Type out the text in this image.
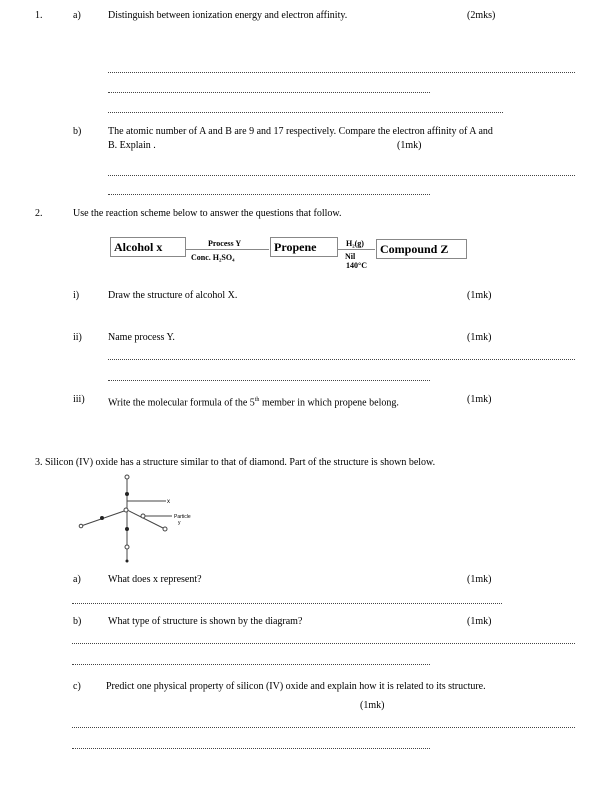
1.	a)	Distinguish between ionization energy and electron affinity.	(2mks)
b)	The atomic number of A and B are 9 and 17 respectively. Compare the electron affinity of A and
B. Explain .	(1mk)
2.	Use the reaction scheme below to answer the questions that follow.
Alcohol x	Process Y
Conc. H₂SO₄
Propene	H₂(g)
Nil
140°C
Compound Z
i)	Draw the structure of alcohol X.	(1mk)
ii)	Name process Y.	(1mk)
iii) Write the molecular formula of the 5th member in which propene belong.	(1mk)
3. Silicon (IV) oxide has a structure similar to that of diamond. Part of the structure is shown below.
x
Particle
y
a)	What does x represent?	(1mk)
b)	What type of structure is shown by the diagram?	(1mk)
c)	Predict one physical property of silicon (IV) oxide and explain how it is related to its structure.
(1mk)
